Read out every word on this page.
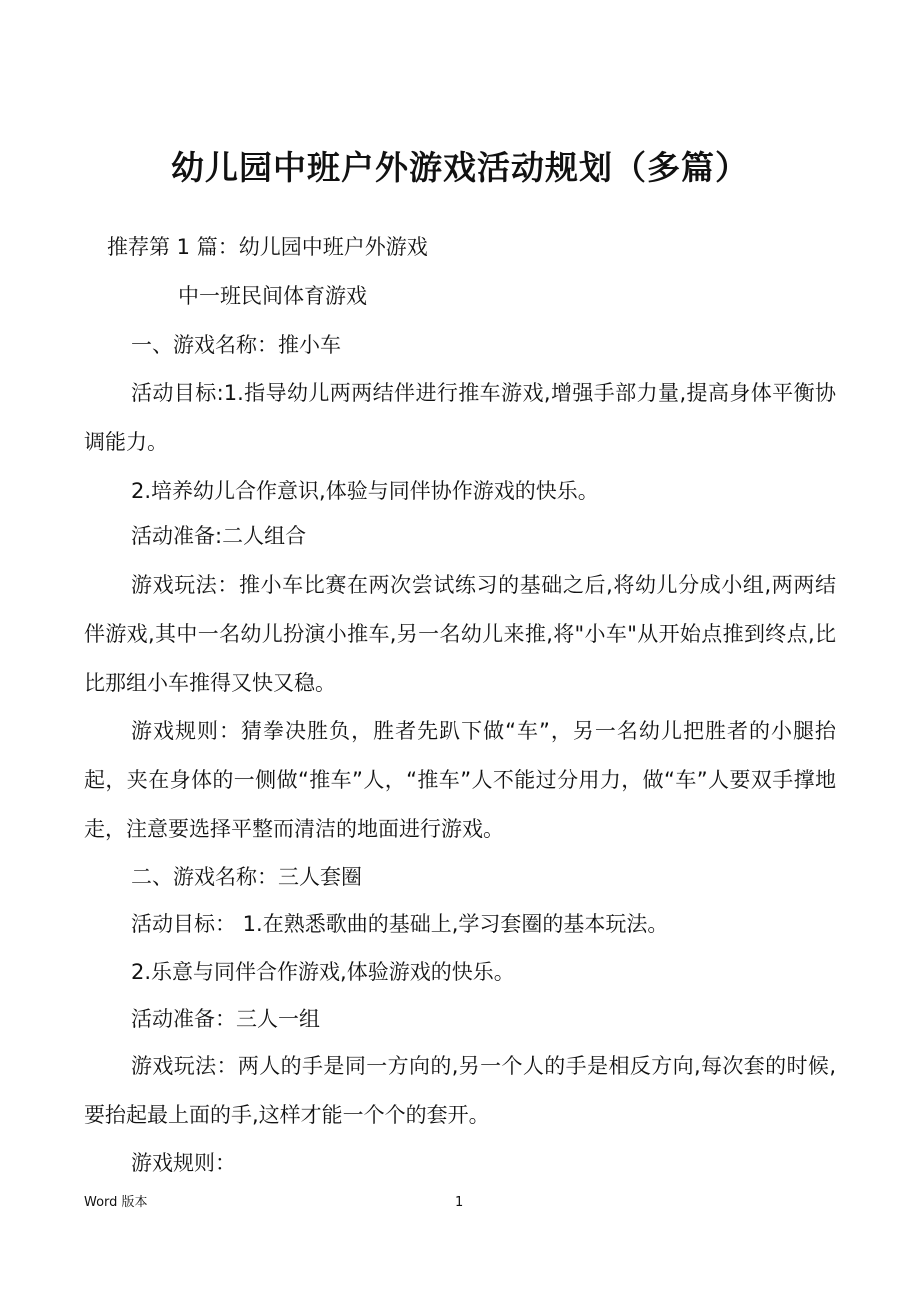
幼儿园中班户外游戏活动规划（多篇）
推荐第 1 篇：幼儿园中班户外游戏
中一班民间体育游戏
一、游戏名称：推小车
活动目标:1.指导幼儿两两结伴进行推车游戏,增强手部力量,提高身体平衡协调能力。
2.培养幼儿合作意识,体验与同伴协作游戏的快乐。
活动准备:二人组合
游戏玩法：推小车比赛在两次尝试练习的基础之后,将幼儿分成小组,两两结伴游戏,其中一名幼儿扮演小推车,另一名幼儿来推,将"小车"从开始点推到终点,比比那组小车推得又快又稳。
游戏规则：猜拳决胜负，胜者先趴下做“车”，另一名幼儿把胜者的小腿抬起，夹在身体的一侧做“推车”人，“推车”人不能过分用力，做“车”人要双手撑地走，注意要选择平整而清洁的地面进行游戏。
二、游戏名称：三人套圈
活动目标： 1.在熟悉歌曲的基础上,学习套圈的基本玩法。
2.乐意与同伴合作游戏,体验游戏的快乐。
活动准备：三人一组
游戏玩法：两人的手是同一方向的,另一个人的手是相反方向,每次套的时候,要抬起最上面的手,这样才能一个个的套开。
游戏规则：
Word 版本	1
